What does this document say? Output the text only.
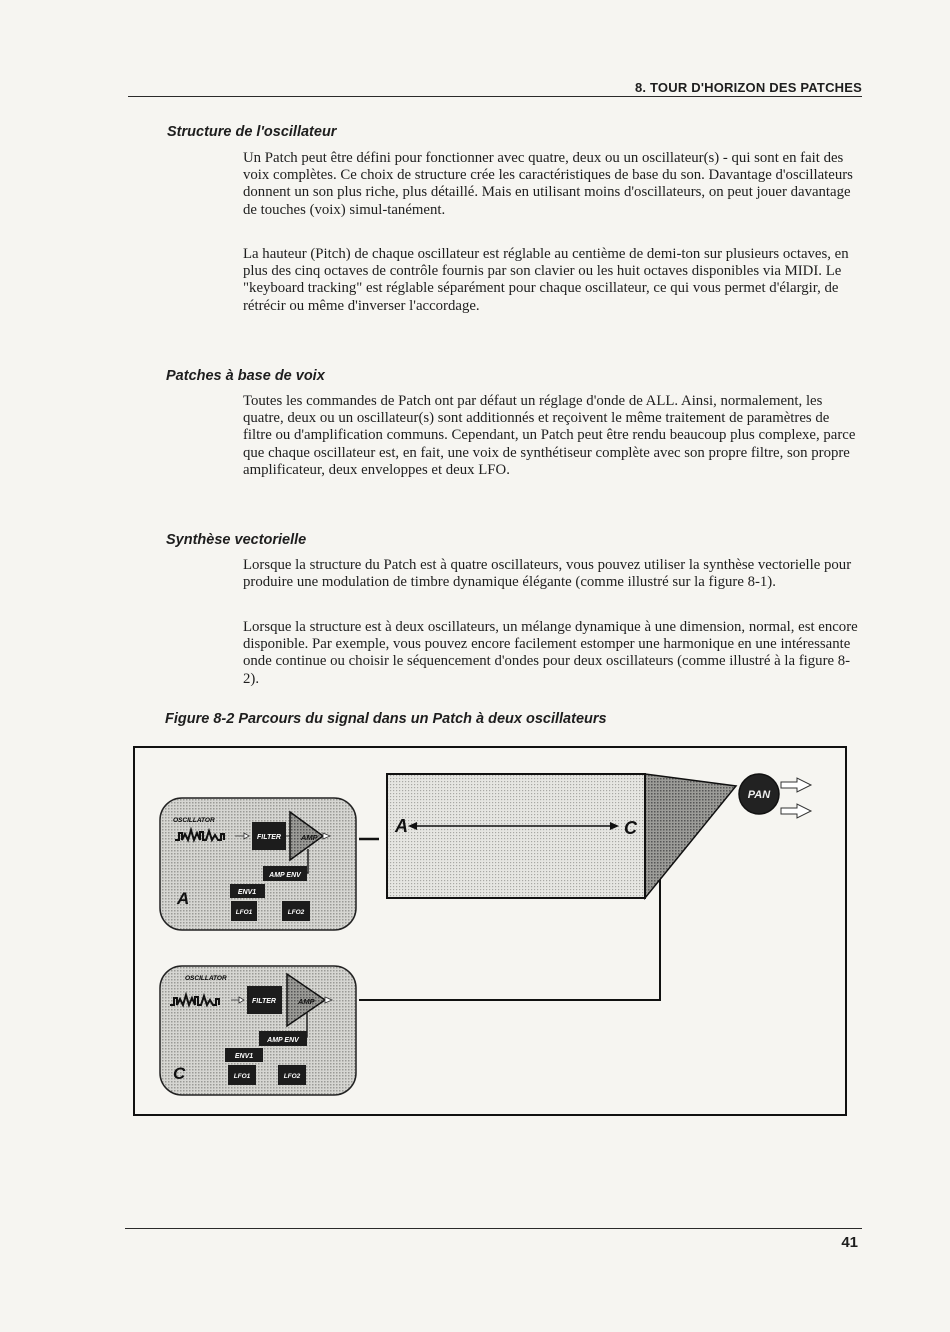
8. TOUR D'HORIZON DES PATCHES
Structure de l'oscillateur

Un Patch peut être défini pour fonctionner avec quatre, deux ou un oscillateur(s) - qui sont en fait des voix complètes. Ce choix de structure crée les caractéristiques de base du son. Davantage d'oscillateurs donnent un son plus riche, plus détaillé. Mais en utilisant moins d'oscillateurs, on peut jouer davantage de touches (voix) simul-tanément.

La hauteur (Pitch) de chaque oscillateur est réglable au centième de demi-ton sur plusieurs octaves, en plus des cinq octaves de contrôle fournis par son clavier ou les huit octaves disponibles via MIDI. Le "keyboard tracking" est réglable séparément pour chaque oscillateur, ce qui vous permet d'élargir, de rétrécir ou même d'inverser l'accordage.

Patches à base de voix

Toutes les commandes de Patch ont par défaut un réglage d'onde de ALL. Ainsi, normalement, les quatre, deux ou un oscillateur(s) sont additionnés et reçoivent le même traitement de paramètres de filtre ou d'amplification communs. Cependant, un Patch peut être rendu beaucoup plus complexe, parce que chaque oscillateur est, en fait, une voix de synthétiseur complète avec son propre filtre, son propre amplificateur, deux enveloppes et deux LFO.

Synthèse vectorielle

Lorsque la structure du Patch est à quatre oscillateurs, vous pouvez utiliser la synthèse vectorielle pour produire une modulation de timbre dynamique élégante (comme illustré sur la figure 8-1).

Lorsque la structure est à deux oscillateurs, un mélange dynamique à une dimension, normal, est encore disponible. Par exemple, vous pouvez encore facilement estomper une harmonique en une intéressante onde continue ou choisir le séquencement d'ondes pour deux oscillateurs (comme illustré à la figure 8-2).

Figure 8-2 Parcours du signal dans un Patch à deux oscillateurs
OSCILLATOR
FILTER	AMP
AMP ENV
ENV1
LFO1	LFO2
A
OSCILLATOR
FILTER	AMP
AMP ENV
ENV1
LFO1	LFO2
C
A	C
PAN
41
